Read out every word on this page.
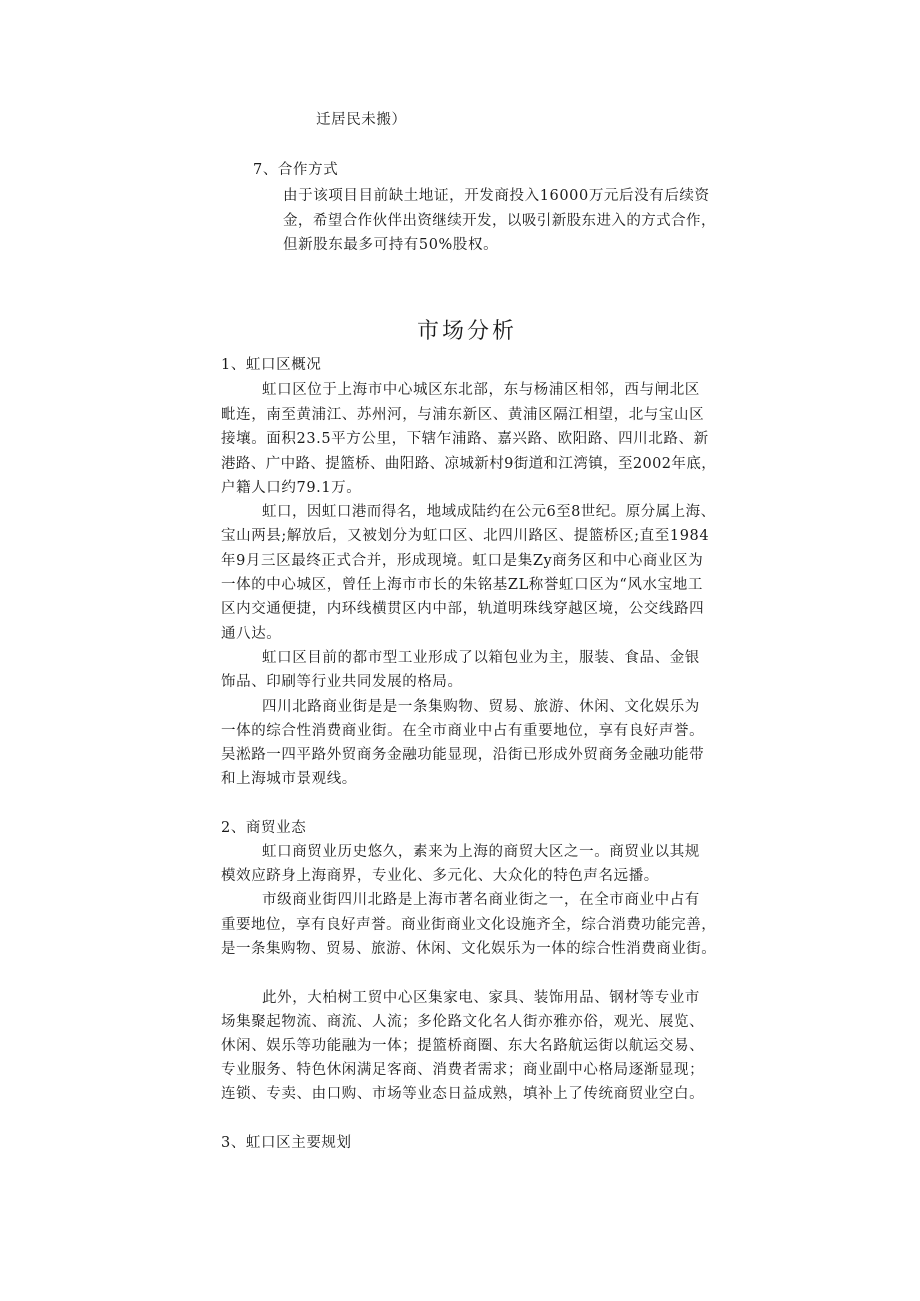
迁居民未搬）
7、合作方式
由于该项目目前缺土地证，开发商投入16000万元后没有后续资
金，希望合作伙伴出资继续开发，以吸引新股东进入的方式合作，
但新股东最多可持有50%股权。
市场分析
1、虹口区概况
虹口区位于上海市中心城区东北部，东与杨浦区相邻，西与闸北区
毗连，南至黄浦江、苏州河，与浦东新区、黄浦区隔江相望，北与宝山区
接壤。面积23.5平方公里，下辖乍浦路、嘉兴路、欧阳路、四川北路、新
港路、广中路、提篮桥、曲阳路、凉城新村9街道和江湾镇，至2002年底，
户籍人口约79.1万。
虹口，因虹口港而得名，地域成陆约在公元6至8世纪。原分属上海、
宝山两县;解放后，又被划分为虹口区、北四川路区、提篮桥区;直至1984
年9月三区最终正式合并，形成现境。虹口是集Zy商务区和中心商业区为
一体的中心城区，曾任上海市市长的朱铭基ZL称誉虹口区为“风水宝地工
区内交通便捷，内环线横贯区内中部，轨道明珠线穿越区境，公交线路四
通八达。
虹口区目前的都市型工业形成了以箱包业为主，服装、食品、金银
饰品、印刷等行业共同发展的格局。
四川北路商业街是是一条集购物、贸易、旅游、休闲、文化娱乐为
一体的综合性消费商业街。在全市商业中占有重要地位，享有良好声誉。
吴淞路一四平路外贸商务金融功能显现，沿街已形成外贸商务金融功能带
和上海城市景观线。
2、商贸业态
虹口商贸业历史悠久，素来为上海的商贸大区之一。商贸业以其规
模效应跻身上海商界，专业化、多元化、大众化的特色声名远播。
市级商业街四川北路是上海市著名商业街之一，在全市商业中占有
重要地位，享有良好声誉。商业街商业文化设施齐全，综合消费功能完善，
是一条集购物、贸易、旅游、休闲、文化娱乐为一体的综合性消费商业街。
此外，大柏树工贸中心区集家电、家具、装饰用品、钢材等专业市
场集聚起物流、商流、人流；多伦路文化名人街亦雅亦俗，观光、展览、
休闲、娱乐等功能融为一体；提篮桥商圈、东大名路航运街以航运交易、
专业服务、特色休闲满足客商、消费者需求；商业副中心格局逐渐显现；
连锁、专卖、由口购、市场等业态日益成熟，填补上了传统商贸业空白。
3、虹口区主要规划
